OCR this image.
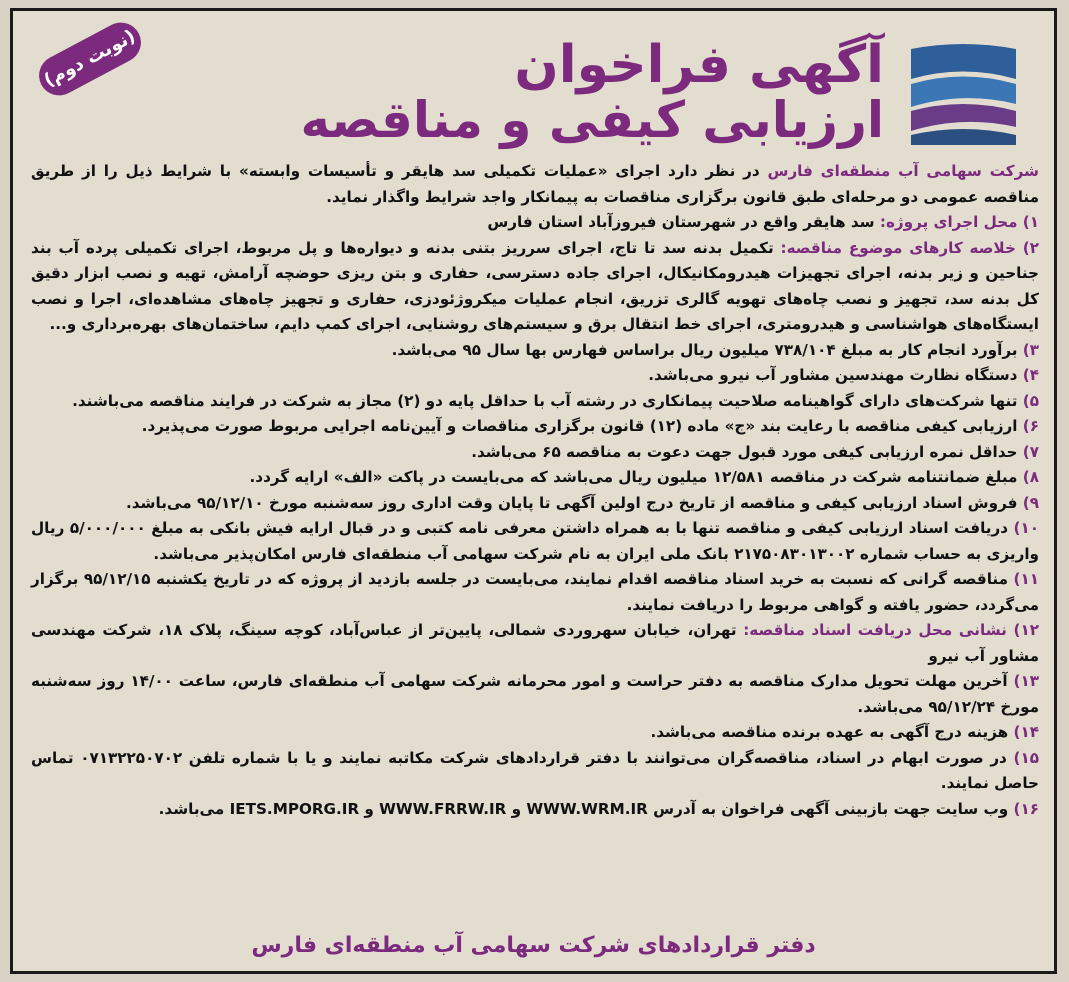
(نوبت دوم)	آگهی فراخوان
ارزیابی کیفی و مناقصه

شرکت سهامی آب منطقه‌ای فارس در نظر دارد اجرای «عملیات تکمیلی سد هایقر و تأسیسات وابسته» با شرایط ذیل را از طریق مناقصه عمومی دو مرحله‌ای طبق قانون برگزاری مناقصات به پیمانکار واجد شرایط واگذار نماید.

۱) محل اجرای پروژه: سد هایقر واقع در شهرستان فیروزآباد استان فارس

۲) خلاصه کارهای موضوع مناقصه: تکمیل بدنه سد تا تاج، اجرای سرریز بتنی بدنه و دیواره‌ها و پل مربوط، اجرای تکمیلی پرده آب بند جناحین و زیر بدنه، اجرای تجهیزات هیدرومکانیکال، اجرای جاده دسترسی، حفاری و بتن ریزی حوضچه آرامش، تهیه و نصب ابزار دقیق کل بدنه سد، تجهیز و نصب چاه‌های تهویه گالری تزریق، انجام عملیات میکروژئودزی، حفاری و تجهیز چاه‌های مشاهده‌ای، اجرا و نصب ایستگاه‌های هواشناسی و هیدرومتری، اجرای خط انتقال برق و سیستم‌های روشنایی، اجرای کمپ دایم، ساختمان‌های بهره‌برداری و...

۳) برآورد انجام کار به مبلغ ۷۳۸/۱۰۴ میلیون ریال براساس فهارس بها سال ۹۵ می‌باشد.

۴) دستگاه نظارت مهندسین مشاور آب نیرو می‌باشد.

۵) تنها شرکت‌های دارای گواهینامه صلاحیت پیمانکاری در رشته آب با حداقل پایه دو (۲) مجاز به شرکت در فرایند مناقصه می‌باشند.

۶) ارزیابی کیفی مناقصه با رعایت بند «ج» ماده (۱۲) قانون برگزاری مناقصات و آیین‌نامه اجرایی مربوط صورت می‌پذیرد.

۷) حداقل نمره ارزیابی کیفی مورد قبول جهت دعوت به مناقصه ۶۵ می‌باشد.

۸) مبلغ ضمانتنامه شرکت در مناقصه ۱۲/۵۸۱ میلیون ریال می‌باشد که می‌بایست در پاکت «الف» ارایه گردد.

۹) فروش اسناد ارزیابی کیفی و مناقصه از تاریخ درج اولین آگهی تا پایان وقت اداری روز سه‌شنبه مورخ ۹۵/۱۲/۱۰ می‌باشد.

۱۰) دریافت اسناد ارزیابی کیفی و مناقصه تنها با به همراه داشتن معرفی نامه کتبی و در قبال ارایه فیش بانکی به مبلغ ۵/۰۰۰/۰۰۰ ریال واریزی به حساب شماره ۲۱۷۵۰۸۳۰۱۳۰۰۲ بانک ملی ایران به نام شرکت سهامی آب منطقه‌ای فارس امکان‌پذیر می‌باشد.

۱۱) مناقصه گرانی که نسبت به خرید اسناد مناقصه اقدام نمایند، می‌بایست در جلسه بازدید از پروژه که در تاریخ یکشنبه ۹۵/۱۲/۱۵ برگزار می‌گردد، حضور یافته و گواهی مربوط را دریافت نمایند.

۱۲) نشانی محل دریافت اسناد مناقصه: تهران، خیابان سهروردی شمالی، پایین‌تر از عباس‌آباد، کوچه سینگ، پلاک ۱۸، شرکت مهندسی مشاور آب نیرو

۱۳) آخرین مهلت تحویل مدارک مناقصه به دفتر حراست و امور محرمانه شرکت سهامی آب منطقه‌ای فارس، ساعت ۱۴/۰۰ روز سه‌شنبه مورخ ۹۵/۱۲/۲۴ می‌باشد.

۱۴) هزینه درج آگهی به عهده برنده مناقصه می‌باشد.

۱۵) در صورت ابهام در اسناد، مناقصه‌گران می‌توانند با دفتر قراردادهای شرکت مکاتبه نمایند و یا با شماره تلفن ۰۷۱۳۲۲۵۰۷۰۲ تماس حاصل نمایند.

۱۶) وب سایت جهت بازبینی آگهی فراخوان به آدرس WWW.WRM.IR و WWW.FRRW.IR و IETS.MPORG.IR می‌باشد.

دفتر قراردادهای شرکت سهامی آب منطقه‌ای فارس
